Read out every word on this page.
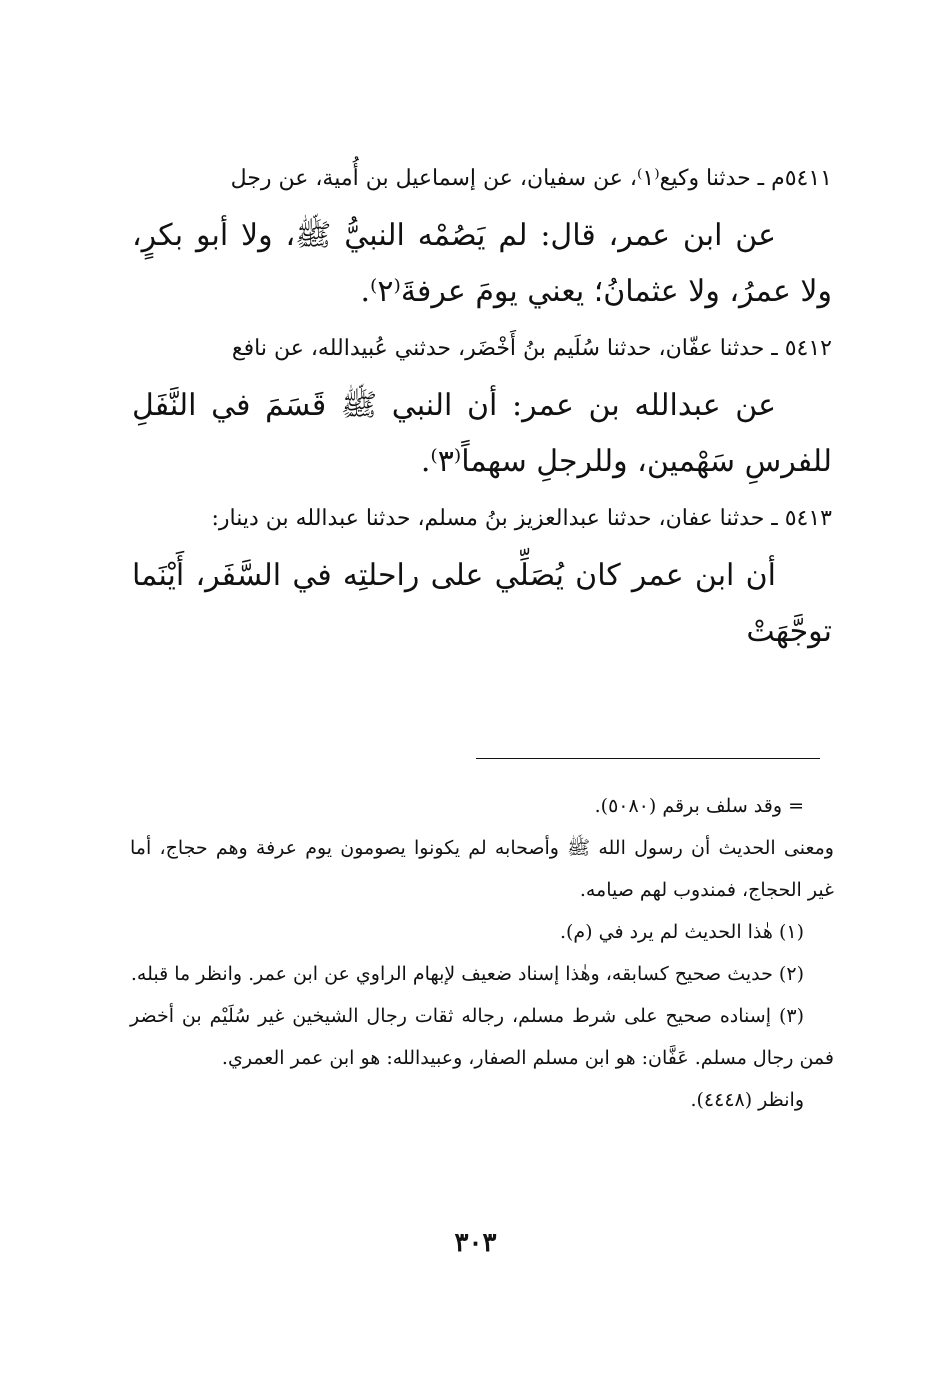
٥٤١١م ـ حدثنا وكيع⁽١⁾، عن سفيان، عن إسماعيل بن أُمية، عن رجل

عن ابن عمر، قال: لم يَصُمْه النبيُّ ﷺ، ولا أبو بكرٍ، ولا عمرُ، ولا عثمانُ؛ يعني يومَ عرفةَ⁽٢⁾.

٥٤١٢ ـ حدثنا عفّان، حدثنا سُلَيم بنُ أَخْضَر، حدثني عُبيدالله، عن نافع

عن عبدالله بن عمر: أن النبي ﷺ قَسَمَ في النَّفَلِ للفرسِ سَهْمين، وللرجلِ سهماً⁽٣⁾.

٥٤١٣ ـ حدثنا عفان، حدثنا عبدالعزيز بنُ مسلم، حدثنا عبدالله بن دينار:

أن ابن عمر كان يُصَلِّي على راحلتِه في السَّفَر، أَيْنَما توجَّهَتْ

= وقد سلف برقم (٥٠٨٠).

ومعنى الحديث أن رسول الله ﷺ وأصحابه لم يكونوا يصومون يوم عرفة وهم حجاج، أما غير الحجاج، فمندوب لهم صيامه.

(١) هٰذا الحديث لم يرد في (م).

(٢) حديث صحيح كسابقه، وهٰذا إسناد ضعيف لإبهام الراوي عن ابن عمر. وانظر ما قبله.

(٣) إسناده صحيح على شرط مسلم، رجاله ثقات رجال الشيخين غير سُلَيْم بن أخضر فمن رجال مسلم. عَفَّان: هو ابن مسلم الصفار، وعبيدالله: هو ابن عمر العمري.

وانظر (٤٤٤٨).

٣٠٣
